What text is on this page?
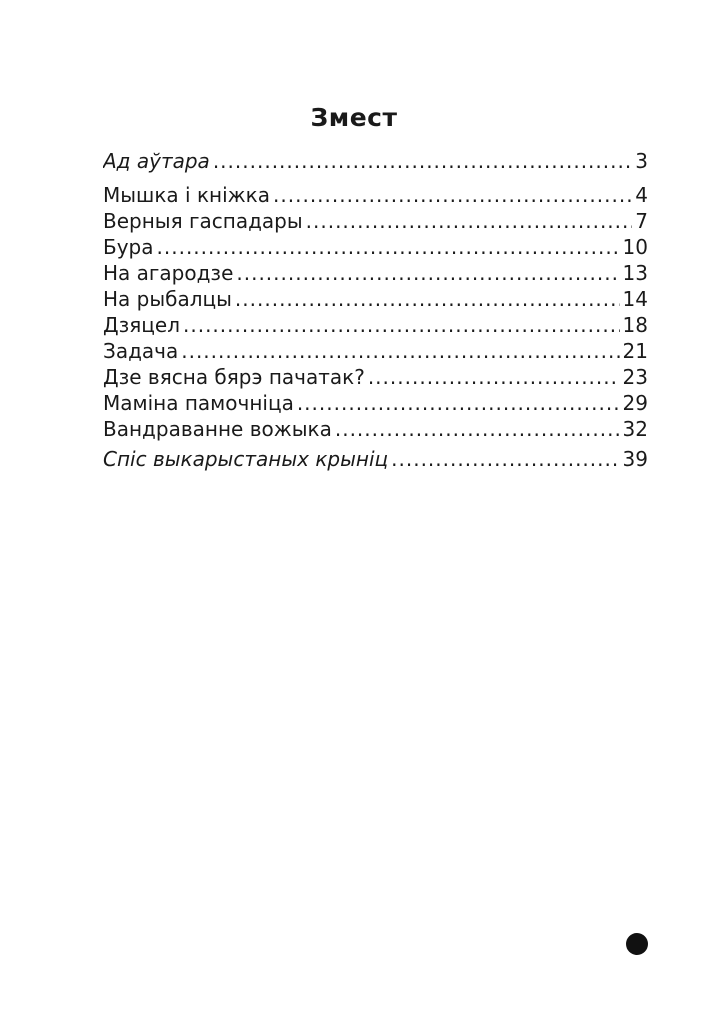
Змест
Ад аўтара .....	3
Мышка і кніжка .....	4
Верныя гаспадары .....	7
Бура .....	10
На агародзе .....	13
На рыбалцы .....	14
Дзяцел .....	18
Задача .....	21
Дзе вясна бярэ пачатак? .....	23
Маміна памочніца .....	29
Вандраванне вожыка .....	32
Спіс выкарыстаных крыніц .....	39
